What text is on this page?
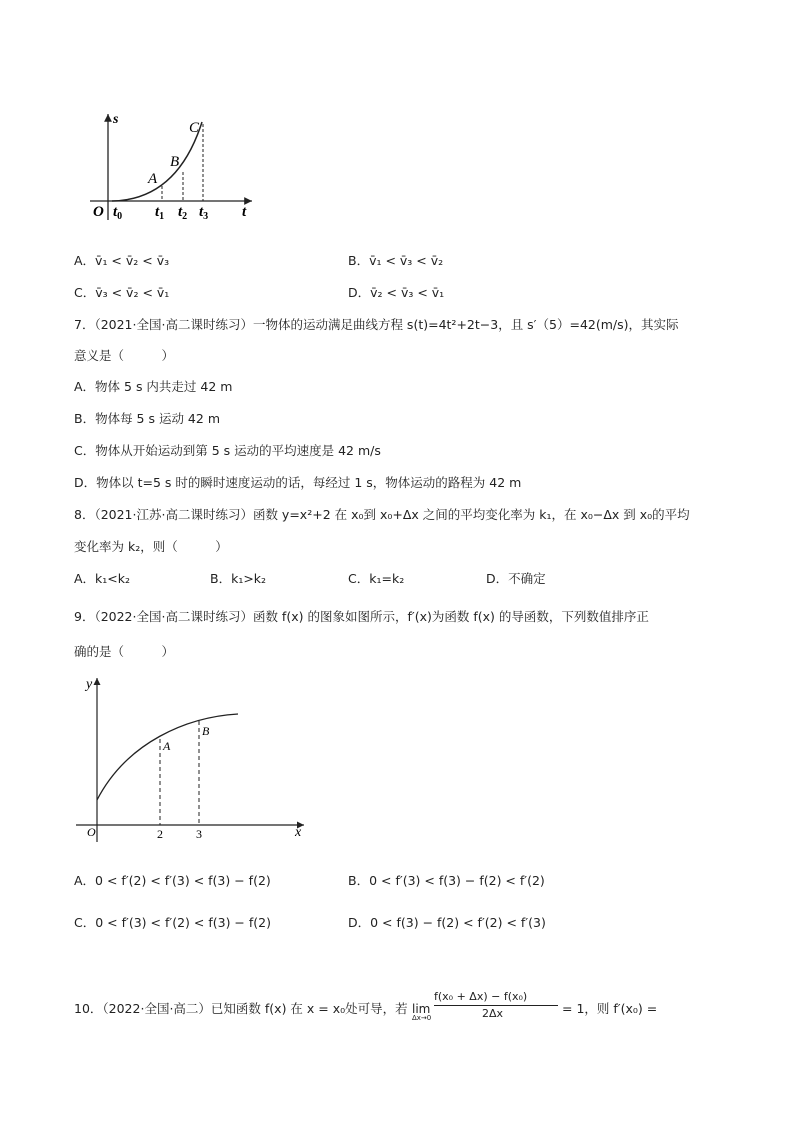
s
t
O $t_0$ $t_1$ $t_2$ $t_3$
A
B
C
A．v̄₁ < v̄₂ < v̄₃	B．v̄₁ < v̄₃ < v̄₂
C．v̄₃ < v̄₂ < v̄₁	D．v̄₂ < v̄₃ < v̄₁
7．（2021·全国·高二课时练习）一物体的运动满足曲线方程 s(t)=4t²+2t−3，且 s′（5）=42(m/s)，其实际
意义是（　　　）
A．物体 5 s 内共走过 42 m
B．物体每 5 s 运动 42 m
C．物体从开始运动到第 5 s 运动的平均速度是 42 m/s
D．物体以 t=5 s 时的瞬时速度运动的话，每经过 1 s，物体运动的路程为 42 m
8．（2021·江苏·高二课时练习）函数 y=x²+2 在 x₀到 x₀+Δx 之间的平均变化率为 k₁，在 x₀−Δx 到 x₀的平均
变化率为 k₂，则（　　　）
A．k₁<k₂	B．k₁>k₂	C．k₁=k₂	D．不确定
9．（2022·全国·高二课时练习）函数 f(x) 的图象如图所示，f′(x)为函数 f(x) 的导函数，下列数值排序正
确的是（　　　）
y
x
O	2	3
A
B
A．0 < f′(2) < f′(3) < f(3) − f(2)	B．0 < f′(3) < f(3) − f(2) < f′(2)
C．0 < f′(3) < f′(2) < f(3) − f(2)	D．0 < f(3) − f(2) < f′(2) < f′(3)
10．（2022·全国·高二）已知函数 f(x) 在 x = x₀处可导，若 lim
Δx→0
f(x₀ + Δx) − f(x₀)
2Δx	= 1，则 f′(x₀) =
